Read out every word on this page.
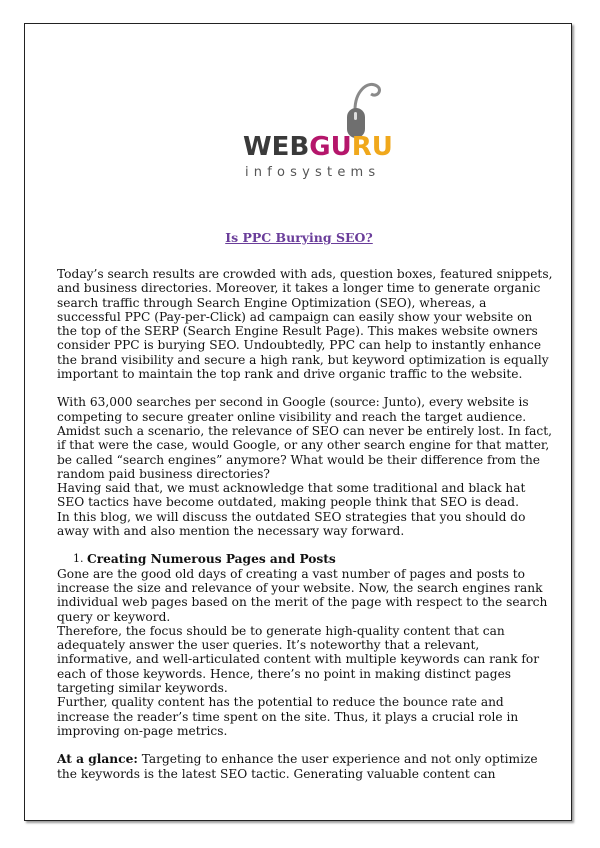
WEBGURU
infosystems
Is PPC Burying SEO?

Today’s search results are crowded with ads, question boxes, featured snippets, and business directories. Moreover, it takes a longer time to generate organic search traffic through Search Engine Optimization (SEO), whereas, a successful PPC (Pay-per-Click) ad campaign can easily show your website on the top of the SERP (Search Engine Result Page). This makes website owners consider PPC is burying SEO. Undoubtedly, PPC can help to instantly enhance the brand visibility and secure a high rank, but keyword optimization is equally important to maintain the top rank and drive organic traffic to the website.

With 63,000 searches per second in Google (source: Junto), every website is competing to secure greater online visibility and reach the target audience. Amidst such a scenario, the relevance of SEO can never be entirely lost. In fact, if that were the case, would Google, or any other search engine for that matter, be called “search engines” anymore? What would be their difference from the random paid business directories?

Having said that, we must acknowledge that some traditional and black hat SEO tactics have become outdated, making people think that SEO is dead.

In this blog, we will discuss the outdated SEO strategies that you should do away with and also mention the necessary way forward.

1. Creating Numerous Pages and Posts

Gone are the good old days of creating a vast number of pages and posts to increase the size and relevance of your website. Now, the search engines rank individual web pages based on the merit of the page with respect to the search query or keyword.

Therefore, the focus should be to generate high-quality content that can adequately answer the user queries. It’s noteworthy that a relevant, informative, and well-articulated content with multiple keywords can rank for each of those keywords. Hence, there’s no point in making distinct pages targeting similar keywords.

Further, quality content has the potential to reduce the bounce rate and increase the reader’s time spent on the site. Thus, it plays a crucial role in improving on-page metrics.

At a glance: Targeting to enhance the user experience and not only optimize the keywords is the latest SEO tactic. Generating valuable content can
